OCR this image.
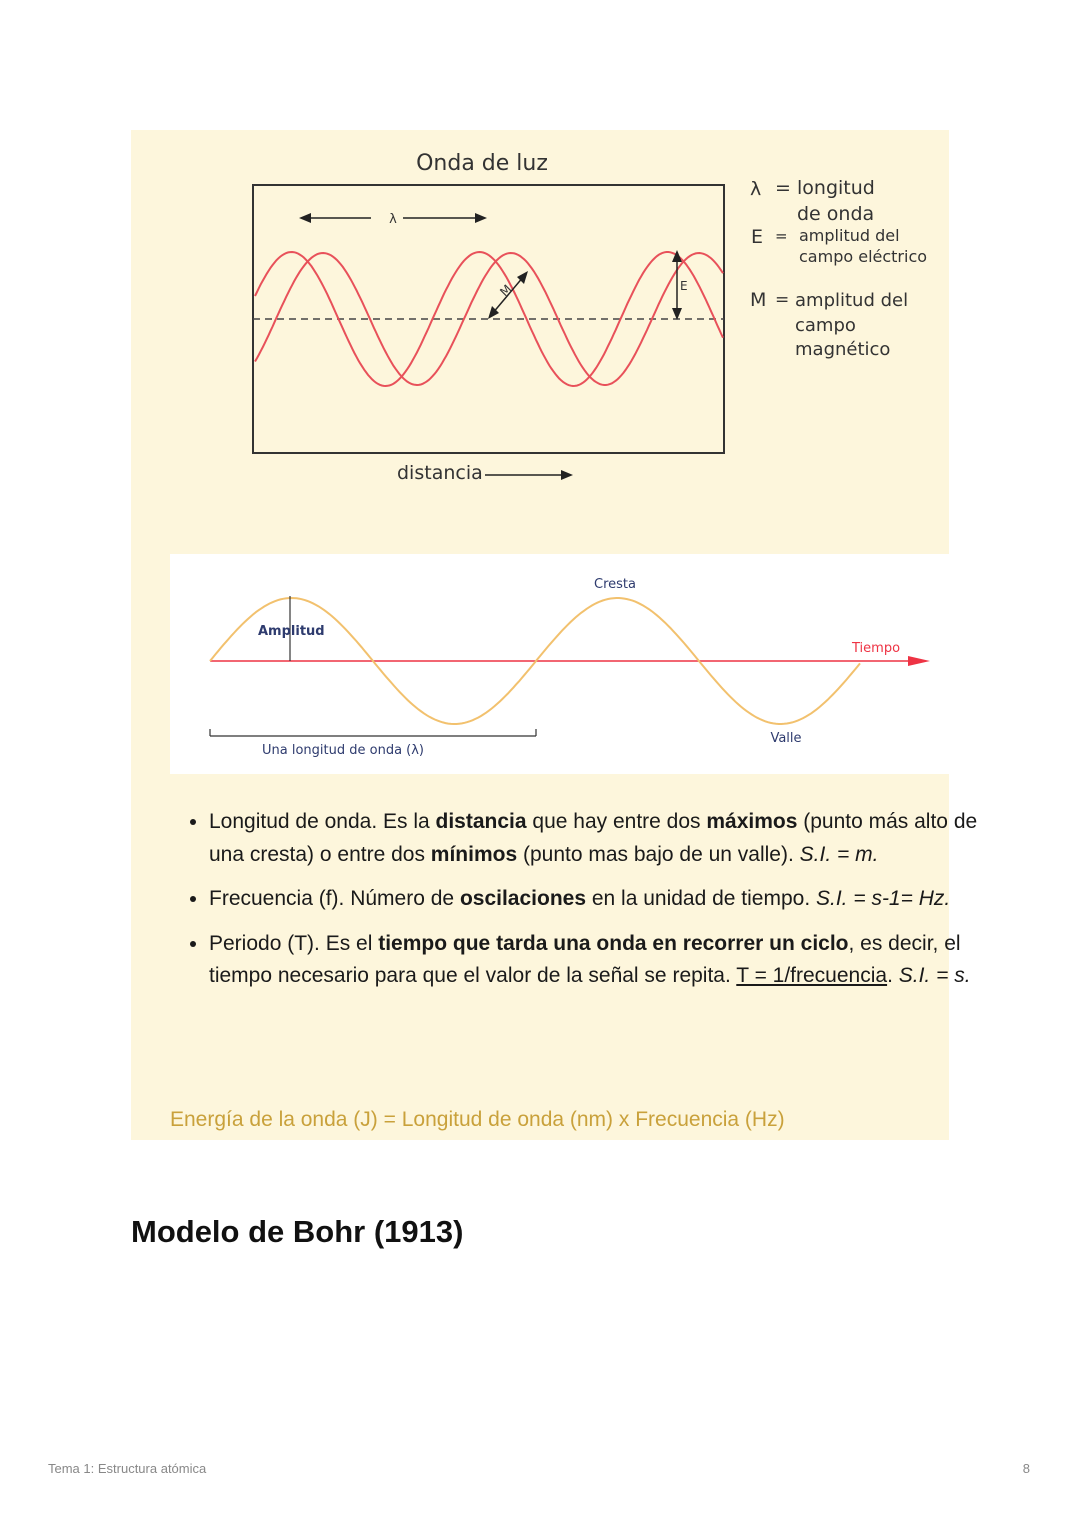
Onda de luz
λ
E
M
distancia
λ = longitud
de onda
E = amplitud del
campo eléctrico
M = amplitud del
campo
magnético
Amplitud
Cresta
Tiempo
Valle
Una longitud de onda (λ)
• Longitud de onda. Es la distancia que hay entre dos máximos (punto más alto de una cresta) o entre dos mínimos (punto mas bajo de un valle). S.I. = m.
• Frecuencia (f). Número de oscilaciones en la unidad de tiempo. S.I. = s-1= Hz.
• Periodo (T). Es el tiempo que tarda una onda en recorrer un ciclo, es decir, el tiempo necesario para que el valor de la señal se repita. T = 1/frecuencia. S.I. = s.
Energía de la onda (J) = Longitud de onda (nm) x Frecuencia (Hz)
Modelo de Bohr (1913)
Tema 1: Estructura atómica	8
